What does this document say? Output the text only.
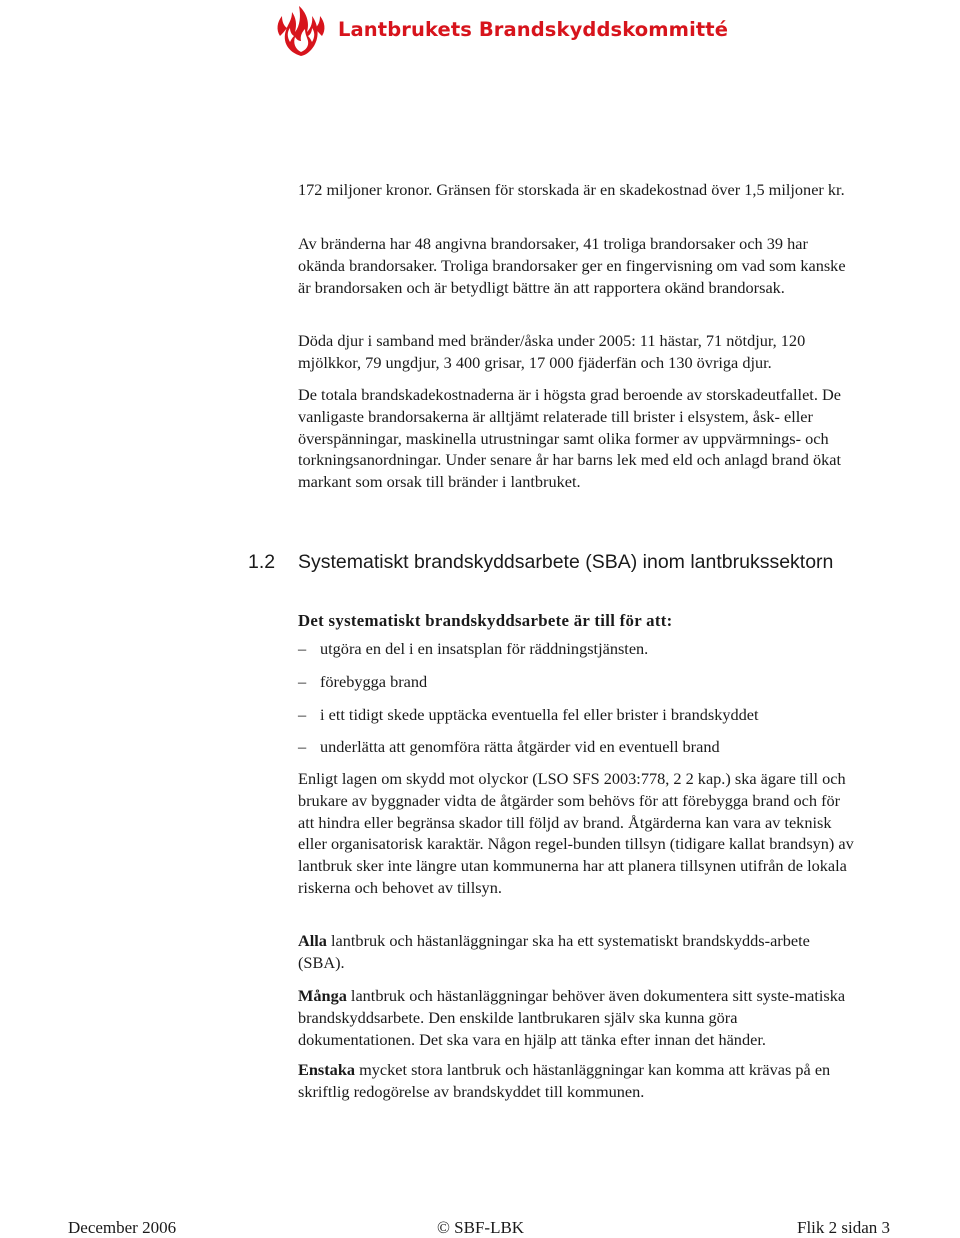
Lantbrukets Brandskyddskommitté

172 miljoner kronor. Gränsen för storskada är en skadekostnad över 1,5 miljoner kr.

Av bränderna har 48 angivna brandorsaker, 41 troliga brandorsaker och 39 har okända brandorsaker. Troliga brandorsaker ger en fingervisning om vad som kanske är brandorsaken och är betydligt bättre än att rapportera okänd brandorsak.

Döda djur i samband med bränder/åska under 2005: 11 hästar, 71 nötdjur, 120 mjölkkor, 79 ungdjur, 3 400 grisar, 17 000 fjäderfän och 130 övriga djur.

De totala brandskadekostnaderna är i högsta grad beroende av storskadeutfallet. De vanligaste brandorsakerna är alltjämt relaterade till brister i elsystem, åsk- eller överspänningar, maskinella utrustningar samt olika former av uppvärmnings- och torkningsanordningar. Under senare år har barns lek med eld och anlagd brand ökat markant som orsak till bränder i lantbruket.

1.2 Systematiskt brandskyddsarbete (SBA) inom lantbrukssektorn
Det systematiskt brandskyddsarbete är till för att:
– utgöra en del i en insatsplan för räddningstjänsten.
– förebygga brand
– i ett tidigt skede upptäcka eventuella fel eller brister i brandskyddet
– underlätta att genomföra rätta åtgärder vid en eventuell brand

Enligt lagen om skydd mot olyckor (LSO SFS 2003:778, 2 2 kap.) ska ägare till och brukare av byggnader vidta de åtgärder som behövs för att förebygga brand och för att hindra eller begränsa skador till följd av brand. Åtgärderna kan vara av teknisk eller organisatorisk karaktär. Någon regel-bunden tillsyn (tidigare kallat brandsyn) av lantbruk sker inte längre utan kommunerna har att planera tillsynen utifrån de lokala riskerna och behovet av tillsyn.

Alla lantbruk och hästanläggningar ska ha ett systematiskt brandskydds-arbete (SBA).

Många lantbruk och hästanläggningar behöver även dokumentera sitt syste-matiska brandskyddsarbete. Den enskilde lantbrukaren själv ska kunna göra dokumentationen. Det ska vara en hjälp att tänka efter innan det händer.

Enstaka mycket stora lantbruk och hästanläggningar kan komma att krävas på en skriftlig redogörelse av brandskyddet till kommunen.

December 2006	© SBF-LBK	Flik 2 sidan 3
